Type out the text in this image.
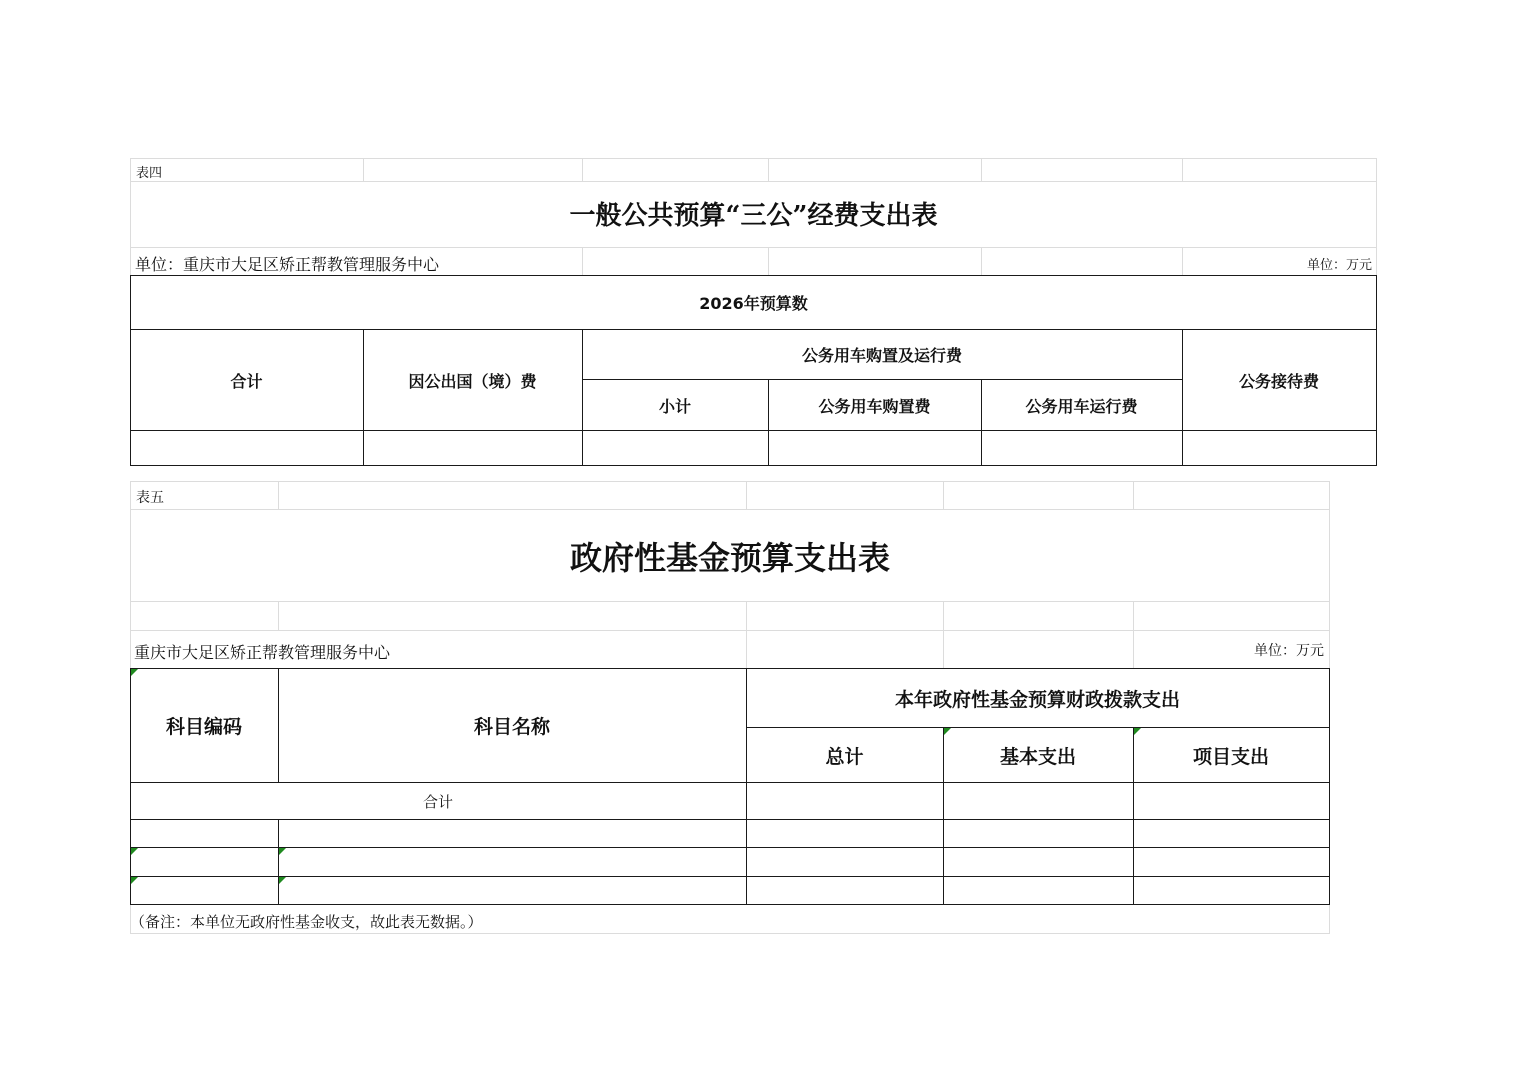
表四
一般公共预算“三公”经费支出表
单位：重庆市大足区矫正帮教管理服务中心	单位：万元
2026年预算数
合计	因公出国（境）费
公务用车购置及运行费
小计	公务用车购置费	公务用车运行费
公务接待费
表五
政府性基金预算支出表
重庆市大足区矫正帮教管理服务中心	单位：万元
科目编码	科目名称
本年政府性基金预算财政拨款支出
总计	基本支出	项目支出
合计
（备注：本单位无政府性基金收支，故此表无数据。）
